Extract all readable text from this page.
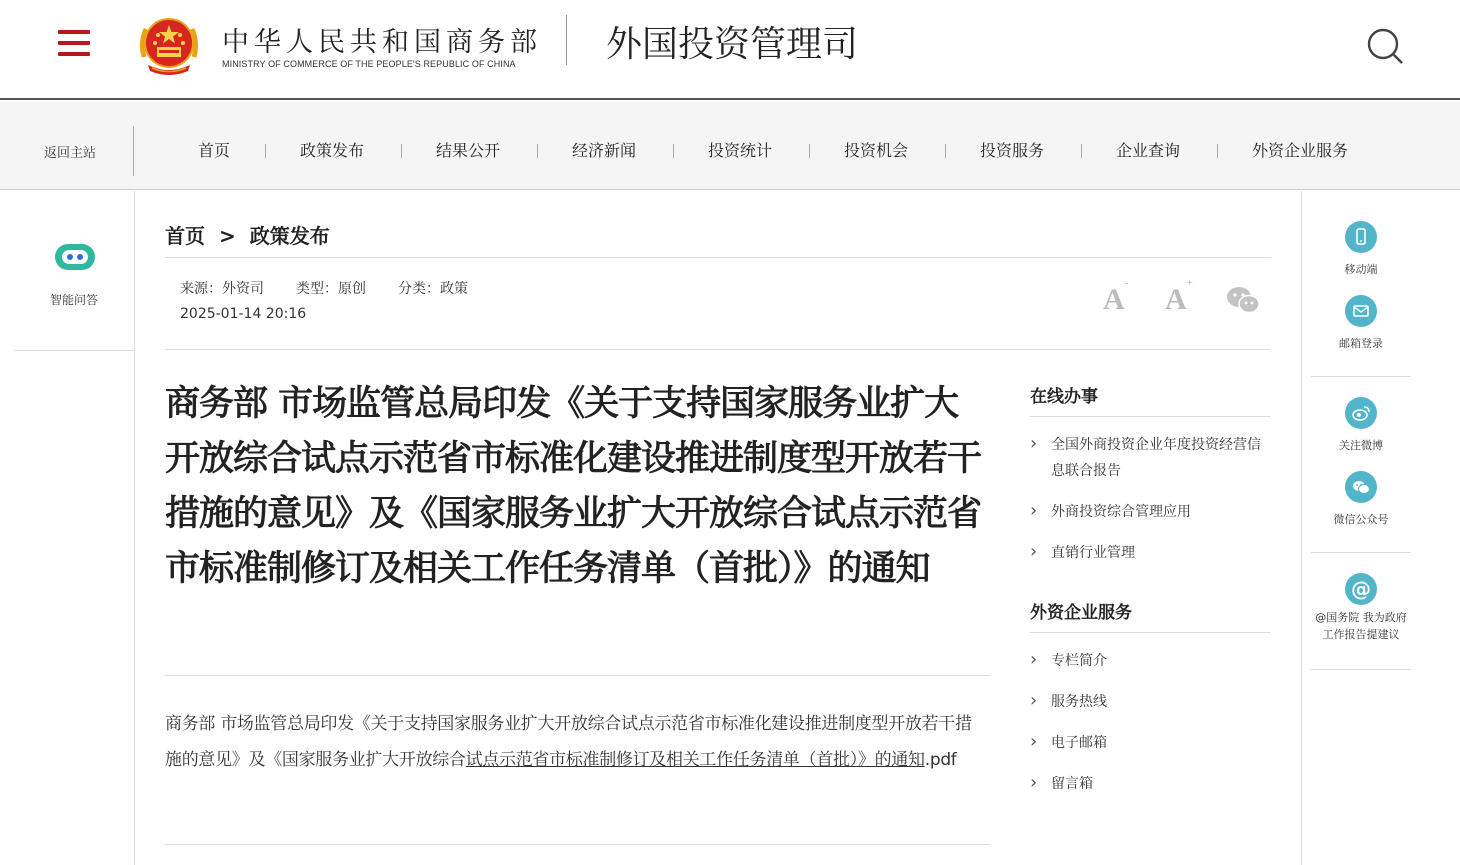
中华人民共和国商务部
MINISTRY OF COMMERCE OF THE PEOPLE'S REPUBLIC OF CHINA	外国投资管理司
返回主站	首页	政策发布	结果公开	经济新闻	投资统计	投资机会	投资服务	企业查询	外资企业服务
智能问答
移动端
邮箱登录
关注微博
微信公众号
@
@国务院 我为政府
工作报告提建议
首页 > 政策发布
来源：外资司 类型：原创 分类：政策
2025-01-14 20:16	A- A+
商务部 市场监管总局印发《关于支持国家服务业扩大开放综合试点示范省市标准化建设推进制度型开放若干措施的意见》及《国家服务业扩大开放综合试点示范省市标准制修订及相关工作任务清单（首批）》的通知
商务部 市场监管总局印发《关于支持国家服务业扩大开放综合试点示范省市标准化建设推进制度型开放若干措施的意见》及《国家服务业扩大开放综合试点示范省市标准制修订及相关工作任务清单（首批）》的通知.pdf
在线办事
› 全国外商投资企业年度投资经营信息联合报告
› 外商投资综合管理应用
› 直销行业管理
外资企业服务
› 专栏简介
› 服务热线
› 电子邮箱
› 留言箱
